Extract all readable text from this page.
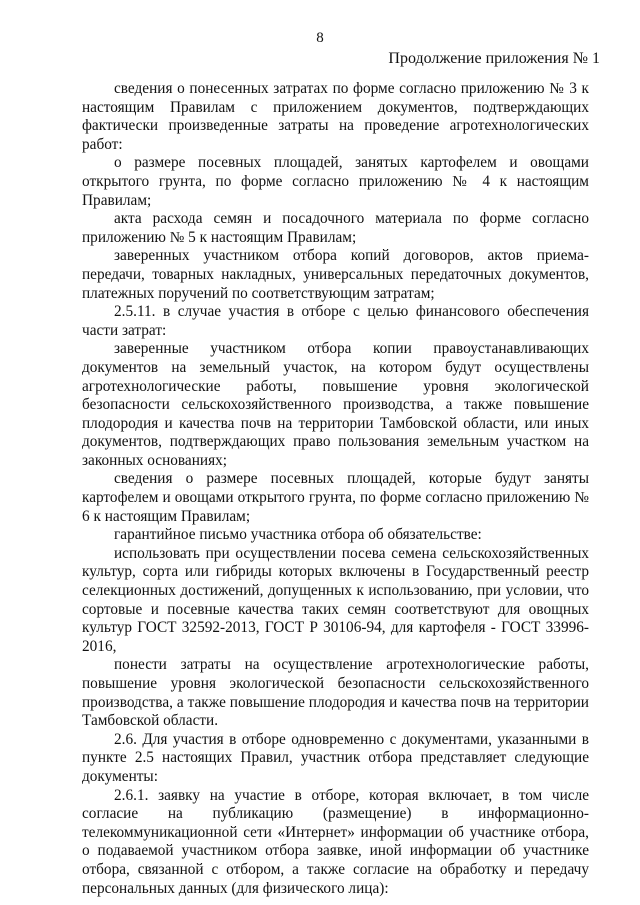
8
Продолжение приложения № 1

сведения о понесенных затратах по форме согласно приложению № 3 к настоящим Правилам с приложением документов, подтверждающих фактически произведенные затраты на проведение агротехнологических работ:

о размере посевных площадей, занятых картофелем и овощами открытого грунта, по форме согласно приложению № 4 к настоящим Правилам;

акта расхода семян и посадочного материала по форме согласно приложению № 5 к настоящим Правилам;

заверенных участником отбора копий договоров, актов приема-передачи, товарных накладных, универсальных передаточных документов, платежных поручений по соответствующим затратам;

2.5.11. в случае участия в отборе с целью финансового обеспечения части затрат:

заверенные участником отбора копии правоустанавливающих документов на земельный участок, на котором будут осуществлены агротехнологические работы, повышение уровня экологической безопасности сельскохозяйственного производства, а также повышение плодородия и качества почв на территории Тамбовской области, или иных документов, подтверждающих право пользования земельным участком на законных основаниях;

сведения о размере посевных площадей, которые будут заняты картофелем и овощами открытого грунта, по форме согласно приложению № 6 к настоящим Правилам;

гарантийное письмо участника отбора об обязательстве:

использовать при осуществлении посева семена сельскохозяйственных культур, сорта или гибриды которых включены в Государственный реестр селекционных достижений, допущенных к использованию, при условии, что сортовые и посевные качества таких семян соответствуют для овощных культур ГОСТ 32592-2013, ГОСТ Р 30106-94, для картофеля - ГОСТ 33996-2016,

понести затраты на осуществление агротехнологические работы, повышение уровня экологической безопасности сельскохозяйственного производства, а также повышение плодородия и качества почв на территории Тамбовской области.

2.6. Для участия в отборе одновременно с документами, указанными в пункте 2.5 настоящих Правил, участник отбора представляет следующие документы:

2.6.1. заявку на участие в отборе, которая включает, в том числе согласие на публикацию (размещение) в информационно-телекоммуникационной сети «Интернет» информации об участнике отбора, о подаваемой участником отбора заявке, иной информации об участнике отбора, связанной с отбором, а также согласие на обработку и передачу персональных данных (для физического лица):
